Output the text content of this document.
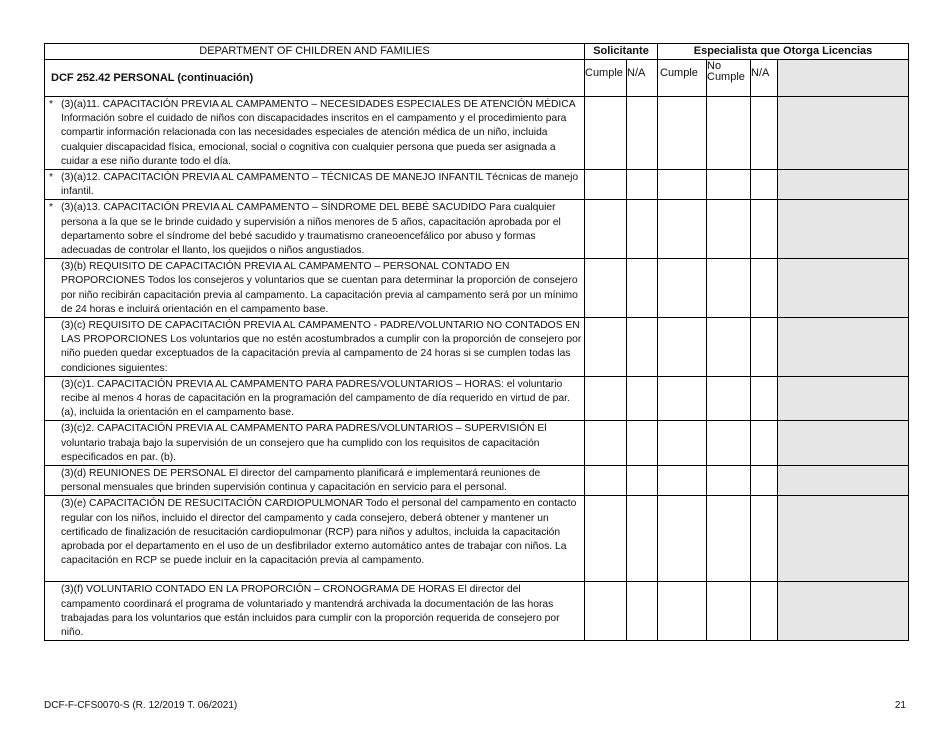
DEPARTMENT OF CHILDREN AND FAMILIES	Solicitante		Especialista que Otorga Licencias			
DCF 252.42 PERSONAL (continuación)	Cumple	N/A	Cumple	No Cumple	N/A	

* (3)(a)11. CAPACITACIÓN PREVIA AL CAMPAMENTO – NECESIDADES ESPECIALES DE ATENCIÓN MÉDICA Información sobre el cuidado de niños con discapacidades inscritos en el campamento y el procedimiento para compartir información relacionada con las necesidades especiales de atención médica de un niño, incluida cualquier discapacidad física, emocional, social o cognitiva con cualquier persona que pueda ser asignada a cuidar a ese niño durante todo el día.						

* (3)(a)12. CAPACITACIÓN PREVIA AL CAMPAMENTO – TÉCNICAS DE MANEJO INFANTIL Técnicas de manejo infantil.						

* (3)(a)13. CAPACITACIÓN PREVIA AL CAMPAMENTO – SÍNDROME DEL BEBÉ SACUDIDO Para cualquier persona a la que se le brinde cuidado y supervisión a niños menores de 5 años, capacitación aprobada por el departamento sobre el síndrome del bebé sacudido y traumatismo craneoencefálico por abuso y formas adecuadas de controlar el llanto, los quejidos o niños angustiados.						

(3)(b) REQUISITO DE CAPACITACIÓN PREVIA AL CAMPAMENTO – PERSONAL CONTADO EN PROPORCIONES Todos los consejeros y voluntarios que se cuentan para determinar la proporción de consejero por niño recibirán capacitación previa al campamento. La capacitación previa al campamento será por un mínimo de 24 horas e incluirá orientación en el campamento base.						

(3)(c) REQUISITO DE CAPACITACIÓN PREVIA AL CAMPAMENTO - PADRE/VOLUNTARIO NO CONTADOS EN LAS PROPORCIONES Los voluntarios que no estén acostumbrados a cumplir con la proporción de consejero por niño pueden quedar exceptuados de la capacitación previa al campamento de 24 horas si se cumplen todas las condiciones siguientes:						

(3)(c)1. CAPACITACIÓN PREVIA AL CAMPAMENTO PARA PADRES/VOLUNTARIOS – HORAS: el voluntario recibe al menos 4 horas de capacitación en la programación del campamento de día requerido en virtud de par. (a), incluida la orientación en el campamento base.						

(3)(c)2. CAPACITACIÓN PREVIA AL CAMPAMENTO PARA PADRES/VOLUNTARIOS – SUPERVISIÓN El voluntario trabaja bajo la supervisión de un consejero que ha cumplido con los requisitos de capacitación especificados en par. (b).						

(3)(d) REUNIONES DE PERSONAL El director del campamento planificará e implementará reuniones de personal mensuales que brinden supervisión continua y capacitación en servicio para el personal.						

(3)(e) CAPACITACIÓN DE RESUCITACIÓN CARDIOPULMONAR Todo el personal del campamento en contacto regular con los niños, incluido el director del campamento y cada consejero, deberá obtener y mantener un certificado de finalización de resucitación cardiopulmonar (RCP) para niños y adultos, incluida la capacitación aprobada por el departamento en el uso de un desfibrilador externo automático antes de trabajar con niños. La capacitación en RCP se puede incluir en la capacitación previa al campamento.						

(3)(f) VOLUNTARIO CONTADO EN LA PROPORCIÓN – CRONOGRAMA DE HORAS El director del campamento coordinará el programa de voluntariado y mantendrá archivada la documentación de las horas trabajadas para los voluntarios que están incluidos para cumplir con la proporción requerida de consejero por niño.						

DCF-F-CFS0070-S (R. 12/2019 T. 06/2021)	21
